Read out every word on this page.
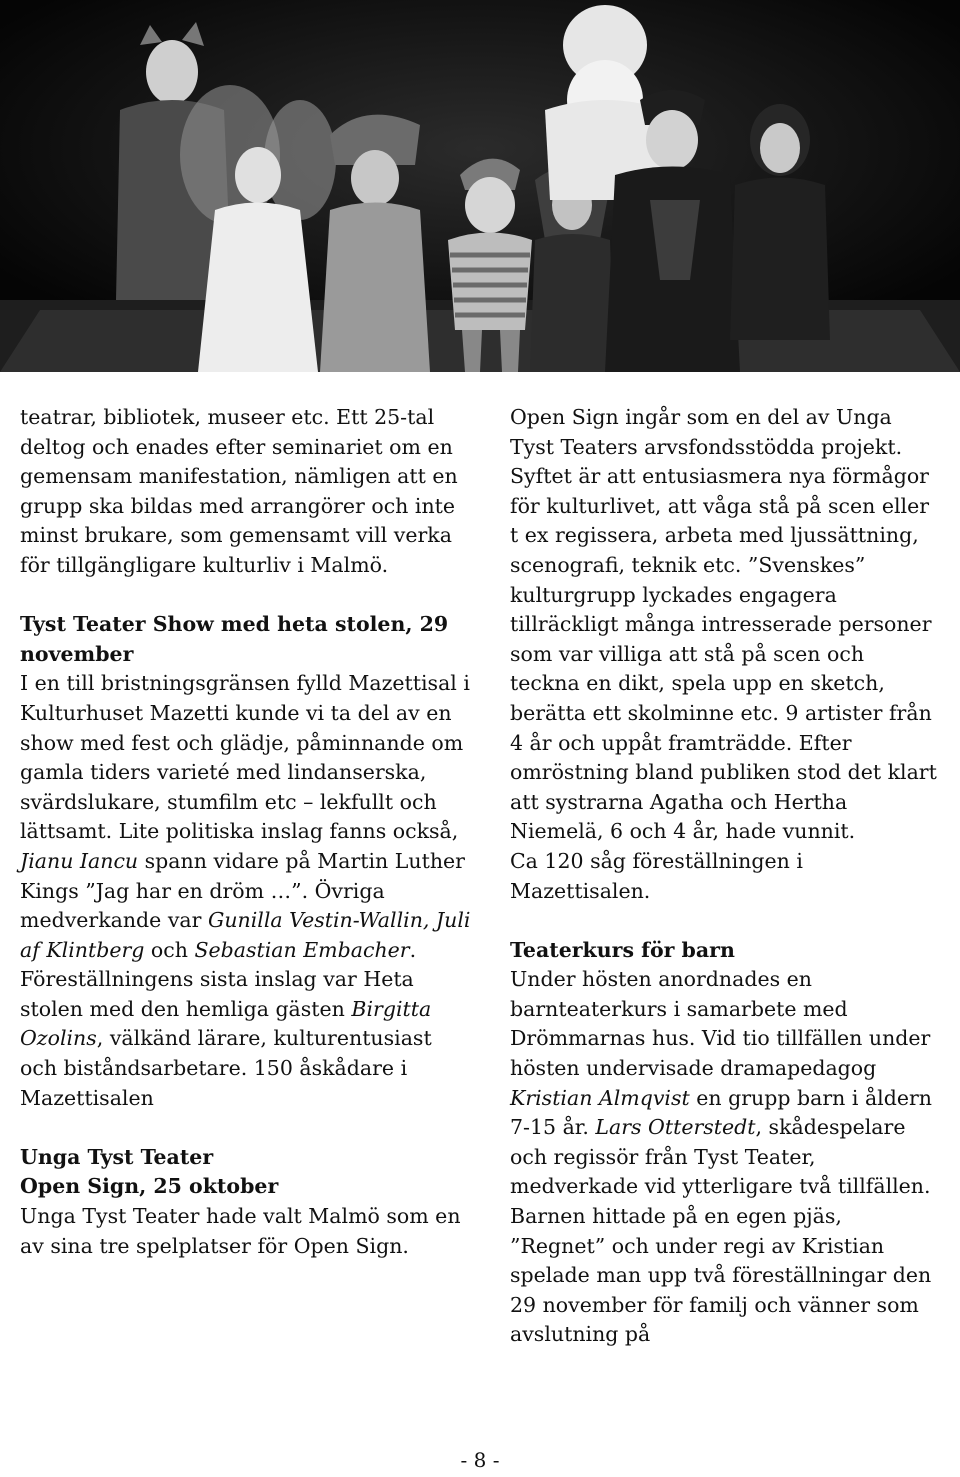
teatrar, bibliotek, museer etc. Ett 25-tal deltog och enades efter seminariet om en gemensam manifestation, nämligen att en grupp ska bildas med arrangörer och inte minst brukare, som gemensamt vill verka för tillgängligare kulturliv i Malmö.

Tyst Teater Show med heta stolen, 29 november
I en till bristningsgränsen fylld Mazettisal i Kulturhuset Mazetti kunde vi ta del av en show med fest och glädje, påminnande om gamla tiders varieté med lindanserska, svärdslukare, stumfilm etc – lekfullt och lättsamt. Lite politiska inslag fanns också, Jianu Iancu spann vidare på Martin Luther Kings ”Jag har en dröm …”. Övriga medverkande var Gunilla Vestin-Wallin, Juli af Klintberg och Sebastian Embacher. Föreställningens sista inslag var Heta stolen med den hemliga gästen Birgitta Ozolins, välkänd lärare, kulturentusiast och biståndsarbetare. 150 åskådare i Mazettisalen

Unga Tyst Teater
Open Sign, 25 oktober
Unga Tyst Teater hade valt Malmö som en av sina tre spelplatser för Open Sign.

Open Sign ingår som en del av Unga Tyst Teaters arvsfondsstödda projekt. Syftet är att entusiasmera nya förmågor för kulturlivet, att våga stå på scen eller t ex regissera, arbeta med ljussättning, scenografi, teknik etc. ”Svenskes” kulturgrupp lyckades engagera tillräckligt många intresserade personer som var villiga att stå på scen och teckna en dikt, spela upp en sketch, berätta ett skolminne etc. 9 artister från 4 år och uppåt framträdde. Efter omröstning bland publiken stod det klart att systrarna Agatha och Hertha Niemelä, 6 och 4 år, hade vunnit.
Ca 120 såg föreställningen i Mazettisalen.

Teaterkurs för barn
Under hösten anordnades en barnteaterkurs i samarbete med Drömmarnas hus. Vid tio tillfällen under hösten undervisade dramapedagog Kristian Almqvist en grupp barn i åldern 7-15 år. Lars Otterstedt, skådespelare och regissör från Tyst Teater, medverkade vid ytterligare två tillfällen. Barnen hittade på en egen pjäs, ”Regnet” och under regi av Kristian spelade man upp två föreställningar den 29 november för familj och vänner som avslutning på

- 8 -
